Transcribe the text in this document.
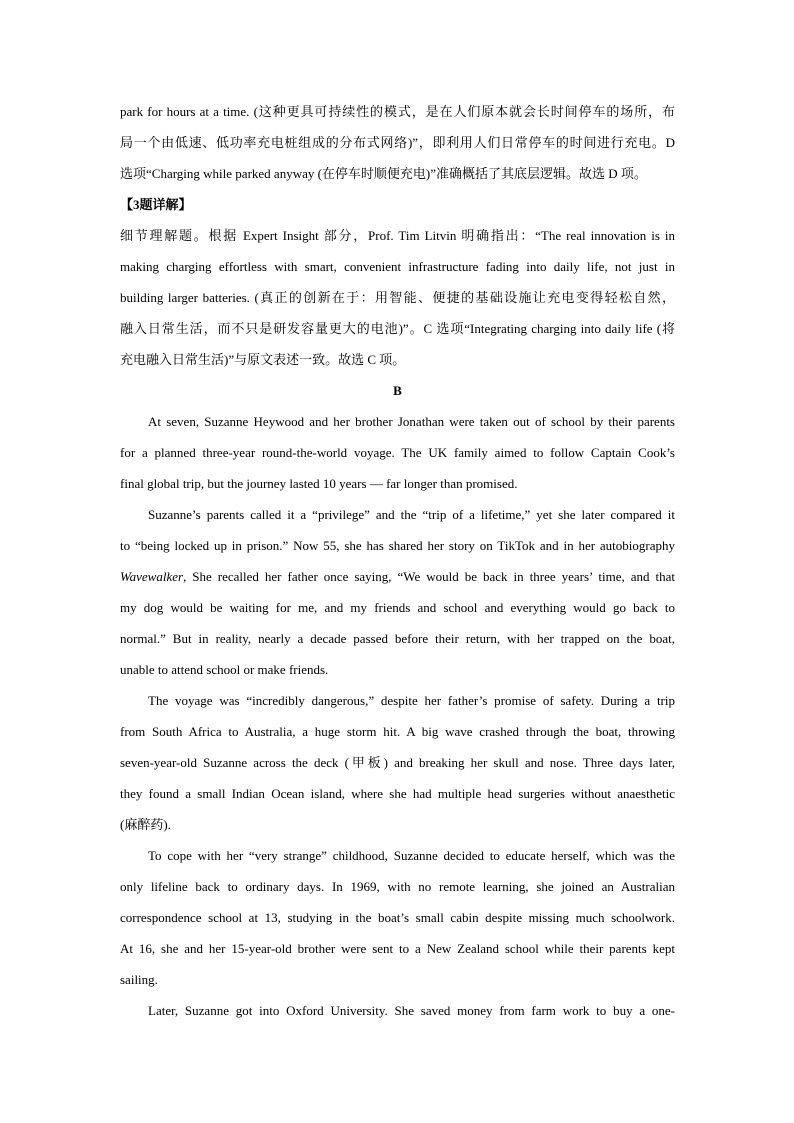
park for hours at a time. (这种更具可持续性的模式，是在人们原本就会长时间停车的场所，布
局一个由低速、低功率充电桩组成的分布式网络)”，即利用人们日常停车的时间进行充电。D
选项“Charging while parked anyway (在停车时顺便充电)”准确概括了其底层逻辑。故选 D 项。
【3题详解】
细节理解题。根据 Expert Insight 部分，Prof. Tim Litvin 明确指出：“The real innovation is in
making charging effortless with smart, convenient infrastructure fading into daily life, not just in
building larger batteries. (真正的创新在于：用智能、便捷的基础设施让充电变得轻松自然，
融入日常生活，而不只是研发容量更大的电池)”。C 选项“Integrating charging into daily life (将
充电融入日常生活)”与原文表述一致。故选 C 项。
B
At seven, Suzanne Heywood and her brother Jonathan were taken out of school by their parents
for a planned three-year round-the-world voyage. The UK family aimed to follow Captain Cook’s
final global trip, but the journey lasted 10 years — far longer than promised.
Suzanne’s parents called it a “privilege” and the “trip of a lifetime,” yet she later compared it
to “being locked up in prison.” Now 55, she has shared her story on TikTok and in her autobiography
Wavewalker, She recalled her father once saying, “We would be back in three years’ time, and that
my dog would be waiting for me, and my friends and school and everything would go back to
normal.” But in reality, nearly a decade passed before their return, with her trapped on the boat,
unable to attend school or make friends.
The voyage was “incredibly dangerous,” despite her father’s promise of safety. During a trip
from South Africa to Australia, a huge storm hit. A big wave crashed through the boat, throwing
seven-year-old Suzanne across the deck (甲板) and breaking her skull and nose. Three days later,
they found a small Indian Ocean island, where she had multiple head surgeries without anaesthetic
(麻醉药).
To cope with her “very strange” childhood, Suzanne decided to educate herself, which was the
only lifeline back to ordinary days. In 1969, with no remote learning, she joined an Australian
correspondence school at 13, studying in the boat’s small cabin despite missing much schoolwork.
At 16, she and her 15-year-old brother were sent to a New Zealand school while their parents kept
sailing.
Later, Suzanne got into Oxford University. She saved money from farm work to buy a one-
